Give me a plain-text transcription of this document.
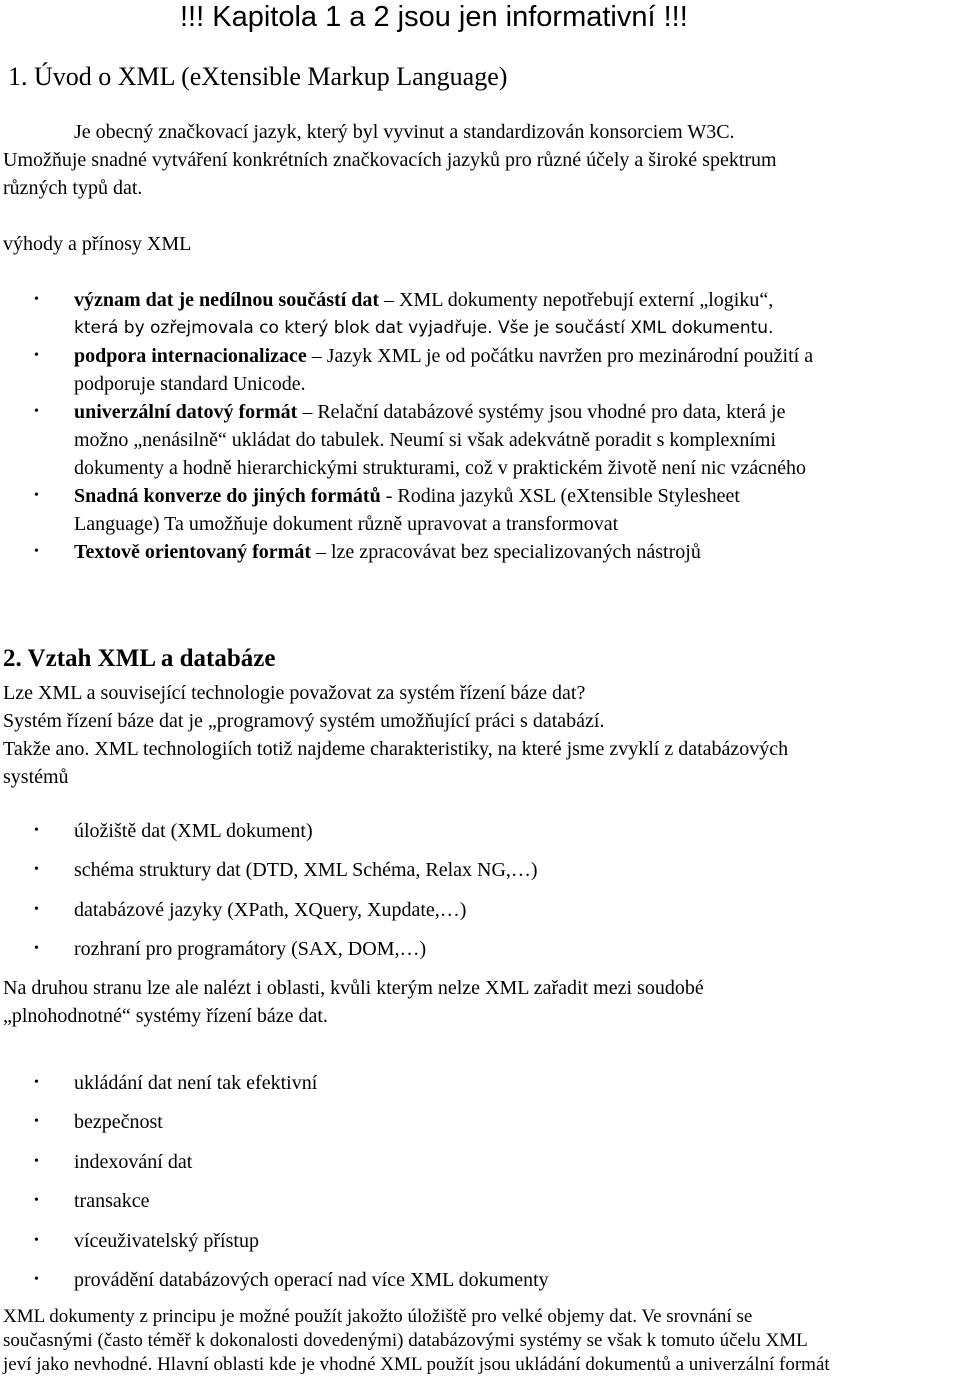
!!! Kapitola 1 a 2 jsou jen informativní !!!
1. Úvod o XML (eXtensible Markup Language)
Je obecný značkovací jazyk, který byl vyvinut a standardizován konsorciem W3C.
Umožňuje snadné vytváření konkrétních značkovacích jazyků pro různé účely a široké spektrum
různých typů dat.
výhody a přínosy XML
• význam dat je nedílnou součástí dat – XML dokumenty nepotřebují externí „logiku“,
která by ozřejmovala co který blok dat vyjadřuje. Vše je součástí XML dokumentu.
• podpora internacionalizace – Jazyk XML je od počátku navržen pro mezinárodní použití a
podporuje standard Unicode.
• univerzální datový formát – Relační databázové systémy jsou vhodné pro data, která je
možno „nenásilně“ ukládat do tabulek. Neumí si však adekvátně poradit s komplexními
dokumenty a hodně hierarchickými strukturami, což v praktickém životě není nic vzácného
• Snadná konverze do jiných formátů - Rodina jazyků XSL (eXtensible Stylesheet
Language) Ta umožňuje dokument různě upravovat a transformovat
• Textově orientovaný formát – lze zpracovávat bez specializovaných nástrojů
2. Vztah XML a databáze
Lze XML a související technologie považovat za systém řízení báze dat?
Systém řízení báze dat je „programový systém umožňující práci s databází.
Takže ano. XML technologiích totiž najdeme charakteristiky, na které jsme zvyklí z databázových
systémů
• úložiště dat (XML dokument)
• schéma struktury dat (DTD, XML Schéma, Relax NG,…)
• databázové jazyky (XPath, XQuery, Xupdate,…)
• rozhraní pro programátory (SAX, DOM,…)
Na druhou stranu lze ale nalézt i oblasti, kvůli kterým nelze XML zařadit mezi soudobé
„plnohodnotné“ systémy řízení báze dat.
• ukládání dat není tak efektivní
• bezpečnost
• indexování dat
• transakce
• víceuživatelský přístup
• provádění databázových operací nad více XML dokumenty
XML dokumenty z principu je možné použít jakožto úložiště pro velké objemy dat. Ve srovnání se
současnými (často téměř k dokonalosti dovedenými) databázovými systémy se však k tomuto účelu XML
jeví jako nevhodné. Hlavní oblasti kde je vhodné XML použít jsou ukládání dokumentů a univerzální formát
